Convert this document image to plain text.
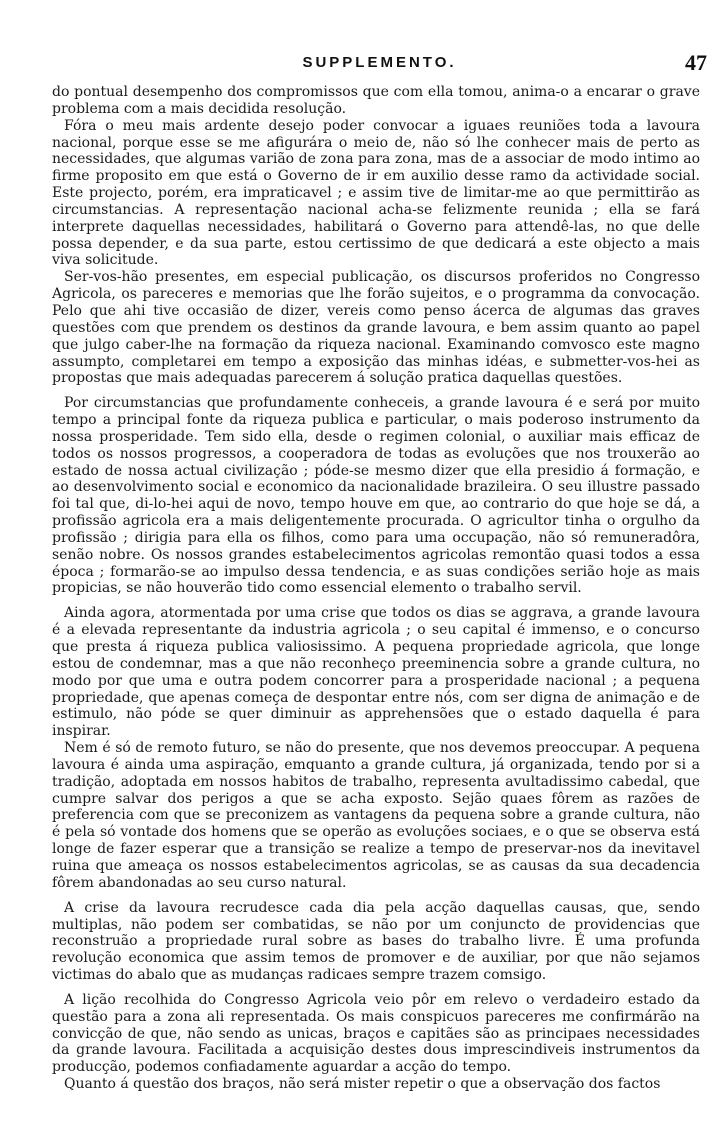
SUPPLEMENTO.	47

do pontual desempenho dos compromissos que com ella tomou, anima-o a encarar o grave problema com a mais decidida resolução.

Fóra o meu mais ardente desejo poder convocar a iguaes reuniões toda a lavoura nacional, porque esse se me afigurára o meio de, não só lhe conhecer mais de perto as necessidades, que algumas varião de zona para zona, mas de a associar de modo intimo ao firme proposito em que está o Governo de ir em auxilio desse ramo da actividade social. Este projecto, porém, era impraticavel ; e assim tive de limitar-me ao que permittirão as circumstancias. A representação nacional acha-se felizmente reunida ; ella se fará interprete daquellas necessidades, habilitará o Governo para attendê-las, no que delle possa depender, e da sua parte, estou certissimo de que dedicará a este objecto a mais viva solicitude.

Ser-vos-hão presentes, em especial publicação, os discursos proferidos no Congresso Agricola, os pareceres e memorias que lhe forão sujeitos, e o programma da convocação. Pelo que ahi tive occasião de dizer, vereis como penso ácerca de algumas das graves questões com que prendem os destinos da grande lavoura, e bem assim quanto ao papel que julgo caber-lhe na formação da riqueza nacional. Examinando comvosco este magno assumpto, completarei em tempo a exposição das minhas idéas, e submetter-vos-hei as propostas que mais adequadas parecerem á solução pratica daquellas questões.

Por circumstancias que profundamente conheceis, a grande lavoura é e será por muito tempo a principal fonte da riqueza publica e particular, o mais poderoso instrumento da nossa prosperidade. Tem sido ella, desde o regimen colonial, o auxiliar mais efficaz de todos os nossos progressos, a cooperadora de todas as evoluções que nos trouxerão ao estado de nossa actual civilização ; póde-se mesmo dizer que ella presidio á formação, e ao desenvolvimento social e economico da nacionalidade brazileira. O seu illustre passado foi tal que, di-lo-hei aqui de novo, tempo houve em que, ao contrario do que hoje se dá, a profissão agricola era a mais deligentemente procurada. O agricultor tinha o orgulho da profissão ; dirigia para ella os filhos, como para uma occupação, não só remuneradôra, senão nobre. Os nossos grandes estabelecimentos agricolas remontão quasi todos a essa época ; formarão-se ao impulso dessa tendencia, e as suas condições serião hoje as mais propicias, se não houverão tido como essencial elemento o trabalho servil.

Ainda agora, atormentada por uma crise que todos os dias se aggrava, a grande lavoura é a elevada representante da industria agricola ; o seu capital é immenso, e o concurso que presta á riqueza publica valiosissimo. A pequena propriedade agricola, que longe estou de condemnar, mas a que não reconheço preeminencia sobre a grande cultura, no modo por que uma e outra podem concorrer para a prosperidade nacional ; a pequena propriedade, que apenas começa de despontar entre nós, com ser digna de animação e de estimulo, não póde se quer diminuir as apprehensões que o estado daquella é para inspirar.

Nem é só de remoto futuro, se não do presente, que nos devemos preoccupar. A pequena lavoura é ainda uma aspiração, emquanto a grande cultura, já organizada, tendo por si a tradição, adoptada em nossos habitos de trabalho, representa avultadissimo cabedal, que cumpre salvar dos perigos a que se acha exposto. Sejão quaes fôrem as razões de preferencia com que se preconizem as vantagens da pequena sobre a grande cultura, não é pela só vontade dos homens que se operão as evoluções sociaes, e o que se observa está longe de fazer esperar que a transição se realize a tempo de preservar-nos da inevitavel ruina que ameaça os nossos estabelecimentos agricolas, se as causas da sua decadencia fôrem abandonadas ao seu curso natural.

A crise da lavoura recrudesce cada dia pela acção daquellas causas, que, sendo multiplas, não podem ser combatidas, se não por um conjuncto de providencias que reconstruão a propriedade rural sobre as bases do trabalho livre. É uma profunda revolução economica que assim temos de promover e de auxiliar, por que não sejamos victimas do abalo que as mudanças radicaes sempre trazem comsigo.

A lição recolhida do Congresso Agricola veio pôr em relevo o verdadeiro estado da questão para a zona ali representada. Os mais conspicuos pareceres me confirmárão na convicção de que, não sendo as unicas, braços e capitães são as principaes necessidades da grande lavoura. Facilitada a acquisição destes dous imprescindiveis instrumentos da producção, podemos confiadamente aguardar a acção do tempo.

Quanto á questão dos braços, não será mister repetir o que a observação dos factos
